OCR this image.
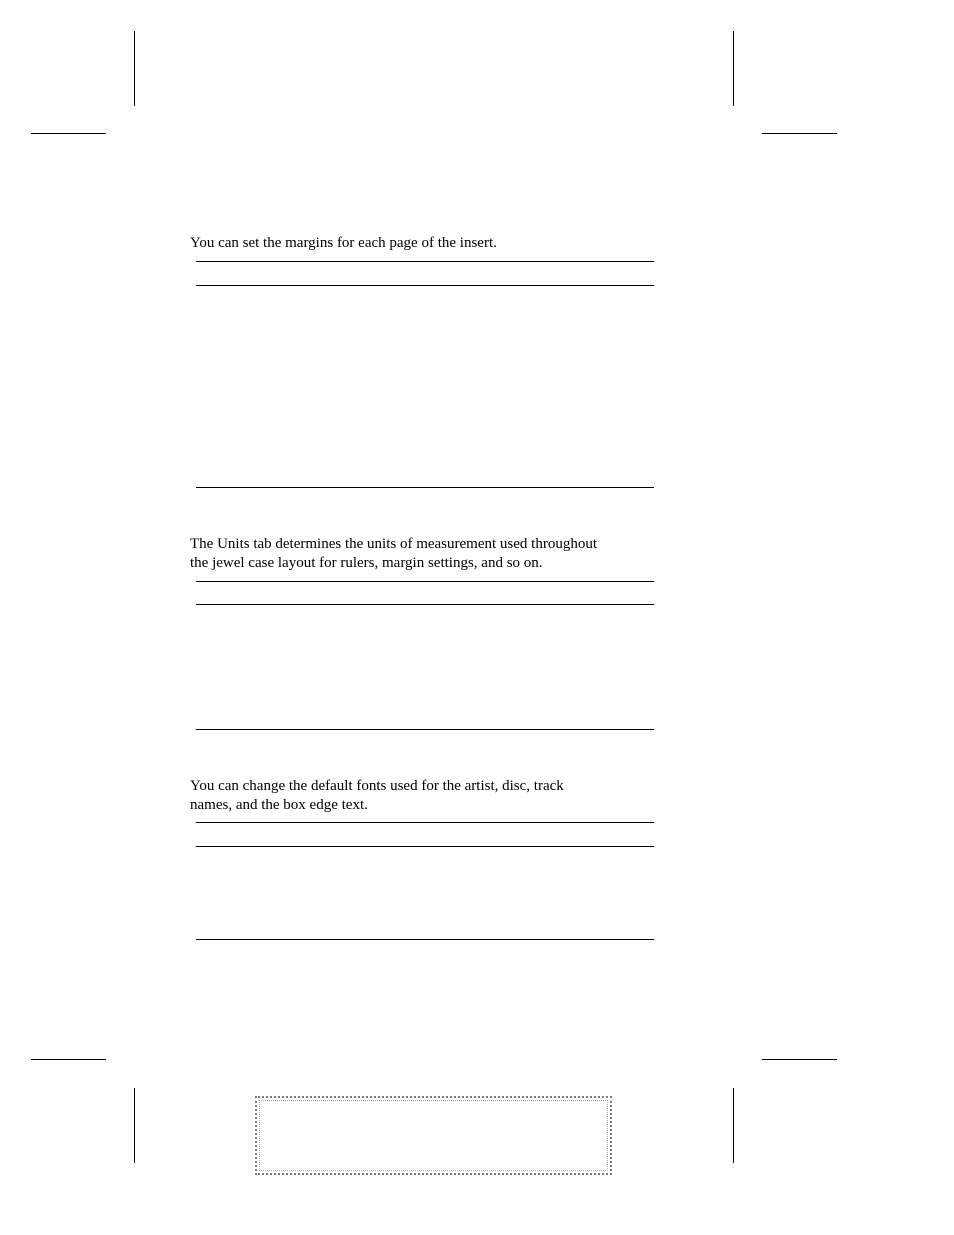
You can set the margins for each page of the insert.

The Units tab determines the units of measurement used throughout
the jewel case layout for rulers, margin settings, and so on.

You can change the default fonts used for the artist, disc, track
names, and the box edge text.
